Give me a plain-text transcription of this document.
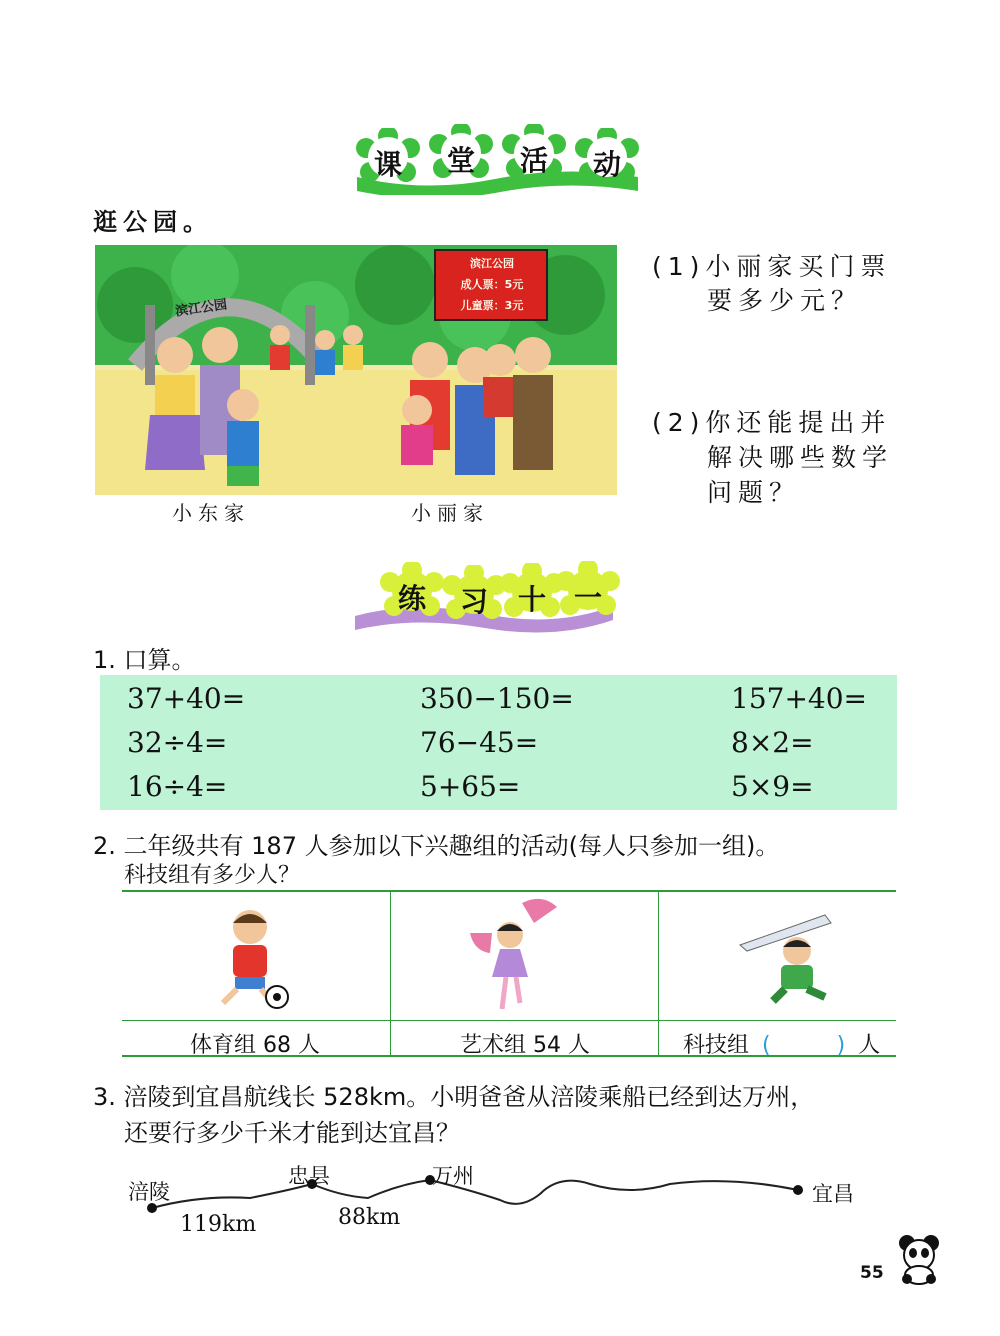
课	堂	活	动
逛公园。
滨江公园
滨江公园
成人票：5元
儿童票：3元
小东家	小丽家
(1)小丽家买门票
要多少元？
(2)你还能提出并
解决哪些数学
问题？
练	习	十 一
1. 口算。
37+40=	350−150=	157+40=
32÷4=	76−45=	8×2=
16÷4=	5+65=	5×9=
2. 二年级共有 187 人参加以下兴趣组的活动(每人只参加一组)。
科技组有多少人？
体育组 68 人	艺术组 54 人	科技组 (	) 人
3. 涪陵到宜昌航线长 528km。小明爸爸从涪陵乘船已经到达万州，
还要行多少千米才能到达宜昌？
涪陵
忠县	万州
宜昌
119km	88km
55
